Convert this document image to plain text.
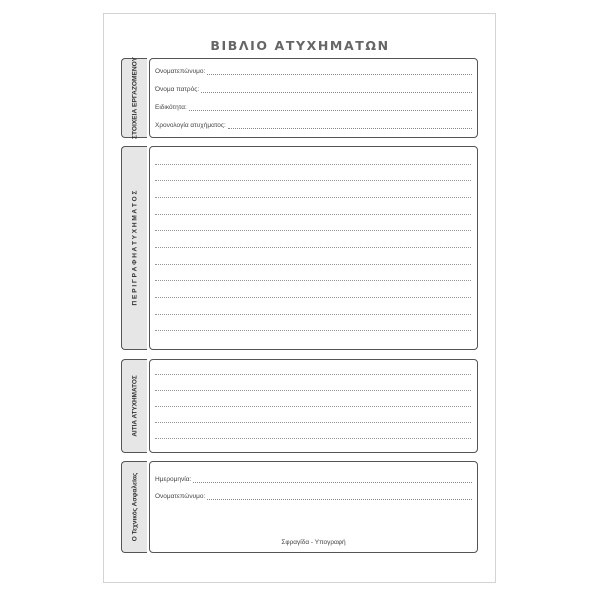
ΒΙΒΛΙΟ ΑΤΥΧΗΜΑΤΩΝ
ΣΤΟΙΧΕΙΑ ΕΡΓΑΖΟΜΕΝΟΥ	Ονοματεπώνυμο:
Όνομα πατρός:
Ειδικότητα:
Χρονολογία ατυχήματος:
Π Ε Ρ Ι Γ Ρ Α Φ Η Α Τ Υ Χ Η Μ Α Τ Ο Σ
ΑΙΤΙΑ ΑΤΥΧΗΜΑΤΟΣ
Ο Τεχνικός Ασφαλείας	Ημερομηνία:
Ονοματεπώνυμο:
Σφραγίδα - Υπογραφή
